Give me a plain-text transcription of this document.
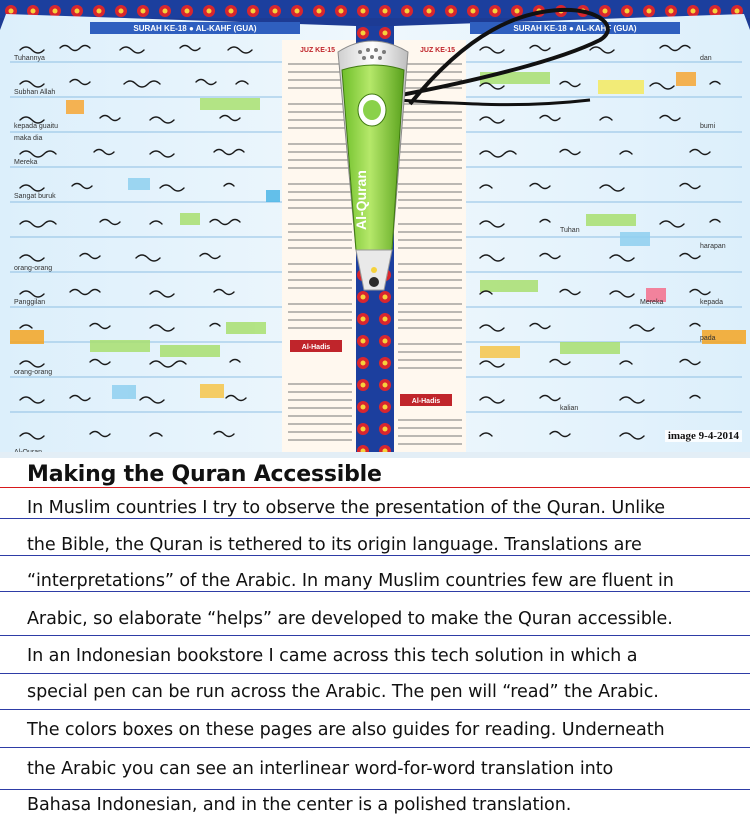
SURAH KE-18 ● AL-KAHF (GUA)	SURAH KE-18 ● AL-KAHF (GUA)
JUZ KE-15	JUZ KE-15
Tuhannya
Subhan Allah
kepada guaitu
maka dia
Mereka
Sangat buruk
orang-orang
Panggilan
orang-orang
dan
bumi
Tuhan
harapan
kepada
Mereka
pada
kalian
Al-Hadis
Al-Hadis
Al-Quran
image 9-4-2014
Making the Quran Accessible
In Muslim countries I try to observe the presentation of the Quran. Unlike
the Bible, the Quran is tethered to its origin language. Translations are
“interpretations” of the Arabic. In many Muslim countries few are fluent in
Arabic, so elaborate “helps” are developed to make the Quran accessible.
In an Indonesian bookstore I came across this tech solution in which a
special pen can be run across the Arabic. The pen will “read” the Arabic.
The colors boxes on these pages are also guides for reading. Underneath
the Arabic you can see an interlinear word-for-word translation into
Bahasa Indonesian, and in the center is a polished translation.
